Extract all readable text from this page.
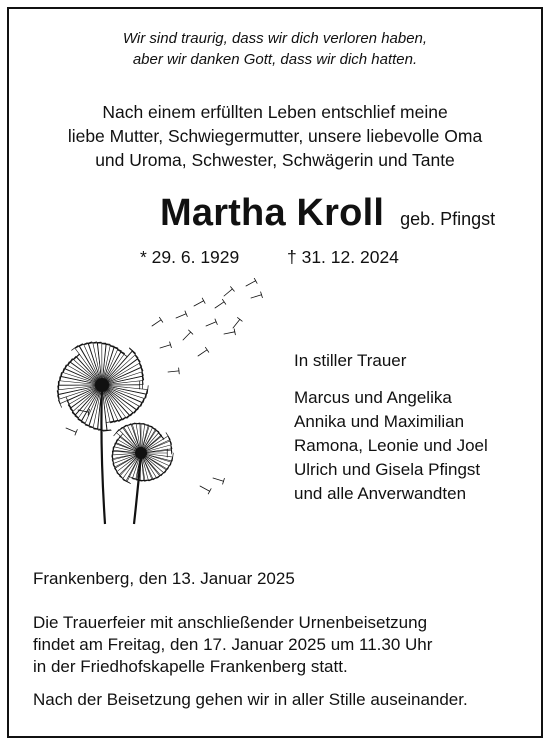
Wir sind traurig, dass wir dich verloren haben,
aber wir danken Gott, dass wir dich hatten.
Nach einem erfüllten Leben entschlief meine
liebe Mutter, Schwiegermutter, unsere liebevolle Oma
und Uroma, Schwester, Schwägerin und Tante
Martha Kroll geb. Pfingst
* 29. 6. 1929	† 31. 12. 2024
In stiller Trauer
Marcus und Angelika
Annika und Maximilian
Ramona, Leonie und Joel
Ulrich und Gisela Pfingst
und alle Anverwandten
Frankenberg, den 13. Januar 2025
Die Trauerfeier mit anschließender Urnenbeisetzung
findet am Freitag, den 17. Januar 2025 um 11.30 Uhr
in der Friedhofskapelle Frankenberg statt.
Nach der Beisetzung gehen wir in aller Stille auseinander.
